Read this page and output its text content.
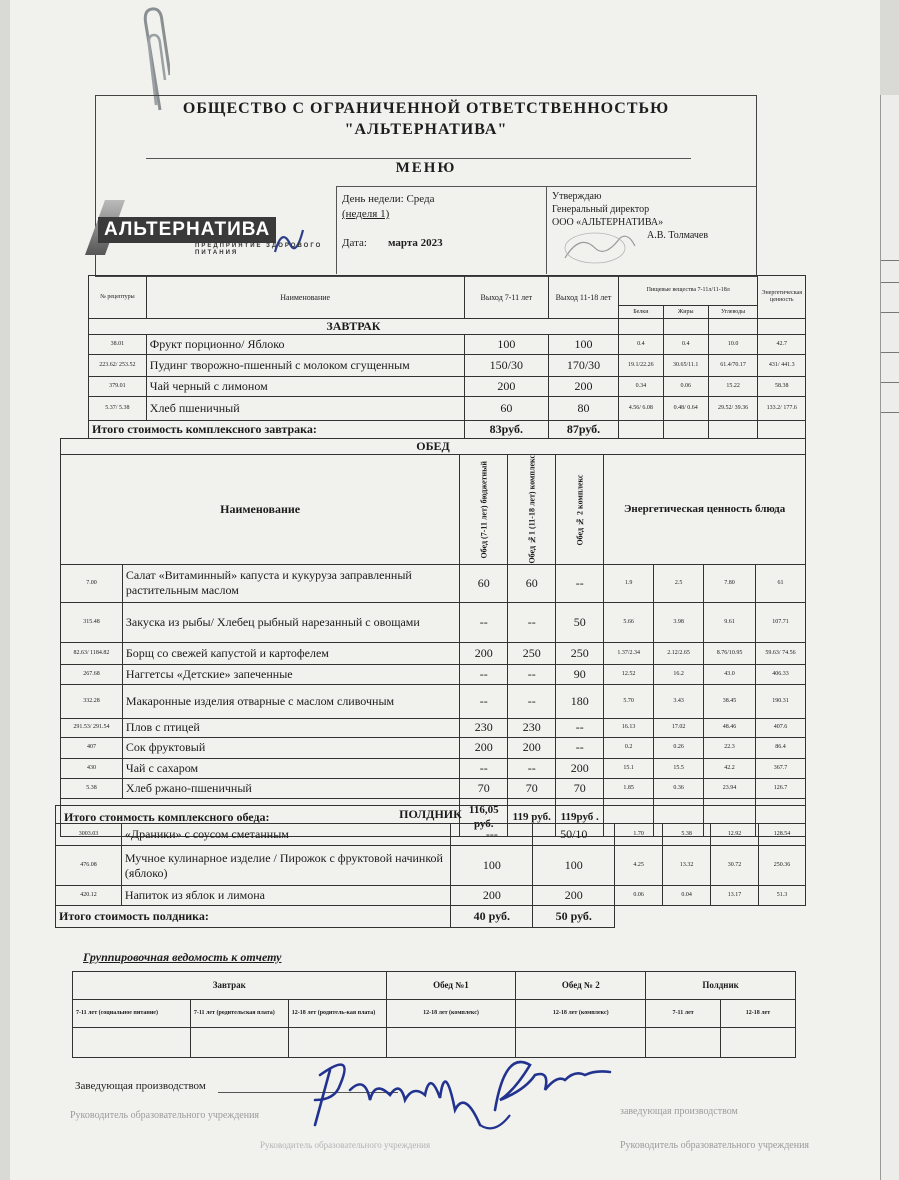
ОБЩЕСТВО С ОГРАНИЧЕННОЙ ОТВЕТСТВЕННОСТЬЮ
"АЛЬТЕРНАТИВА"
МЕНЮ
День недели: Среда
(неделя 1)
Дата: марта 2023
Утверждаю
Генеральный директор
ООО «АЛЬТЕРНАТИВА»
А.В. Толмачев
АЛЬТЕРНАТИВА
ПРЕДПРИЯТИЕ ЗДОРОВОГО ПИТАНИЯ
№ рецептуры	Наименование	Выход 7-11 лет	Выход 11-18 лет	Пищевые вещества 7-11л/11-18л			Энергетическая ценность
				Белки	Жиры	Углеводы	
ЗАВТРАК							
38.01	Фрукт порционно/ Яблоко	100	100	0.4	0.4	10.0	42.7
223.62/ 253.52	Пудинг творожно-пшенный с молоком сгущенным	150/30	170/30	19.1/22.26	30.65/11.1	61.4/70.17	431/ 441.3
379.01	Чай черный с лимоном	200	200	0.34	0.06	15.22	58.38
5.37/ 5.38	Хлеб пшеничный	60	80	4.56/ 6.08	0.48/ 0.64	29.52/ 39.36	133.2/ 177.6
Итого стоимость комплексного завтрака:		83руб.	87руб.				
ОБЕД								
Наименование		Обед (7-11 лет) бюджетный	Обед №1 (11-18 лет) комплекс	Обед № 2 комплекс	Энергетическая ценность блюда			
7.00	Салат «Витаминный» капуста и кукуруза заправленный растительным маслом	60	60	--	1.9	2.5	7.80	61
315.48	Закуска из рыбы/ Хлебец рыбный нарезанный с овощами	--	--	50	5.66	3.98	9.61	107.71
82.63/ 1184.82	Борщ со свежей капустой и картофелем	200	250	250	1.37/2.34	2.12/2.65	8.76/10.95	59.63/ 74.56
267.68	Наггетсы «Детские» запеченные	--	--	90	12.52	16.2	43.0	406.33
332.28	Макаронные изделия отварные с маслом сливочным	--	--	180	5.70	3.43	38.45	190.31
291.53/ 291.54	Плов с птицей	230	230	--	16.13	17.02	48.46	407.6
407	Сок фруктовый	200	200	--	0.2	0.26	22.3	86.4
430	Чай с сахаром	--	--	200	15.1	15.5	42.2	367.7
5.38	Хлеб ржано-пшеничный	70	70	70	1.85	0.36	23.94	126.7
Итого стоимость комплексного обеда:		116,05 руб.	119 руб.	119руб .				
ПОЛДНИК							
3003.03	«Драники» с соусом сметанным	---	50/10	1.70	5.38	12.92	128.54
476.08	Мучное кулинарное изделие / Пирожок с фруктовой начинкой (яблоко)	100	100	4.25	13.32	30.72	250.36
420.12	Напиток из яблок и лимона	200	200	0.06	0.04	13.17	51.3
Итого стоимость полдника:		40 руб.	50 руб.				
Группировочная ведомость к отчету
Завтрак			Обед №1	Обед № 2	Полдник	
7-11 лет (социальное питание)	7-11 лет (родительская плата)	12-18 лет (родитель-кая плата)	12-18 лет (комплекс)	12-18 лет (комплекс)	7-11 лет	12-18 лет

Заведующая производством
Руководитель образовательного учреждения	заведующая производством
Руководитель образовательного учреждения	Руководитель образовательного учреждения
